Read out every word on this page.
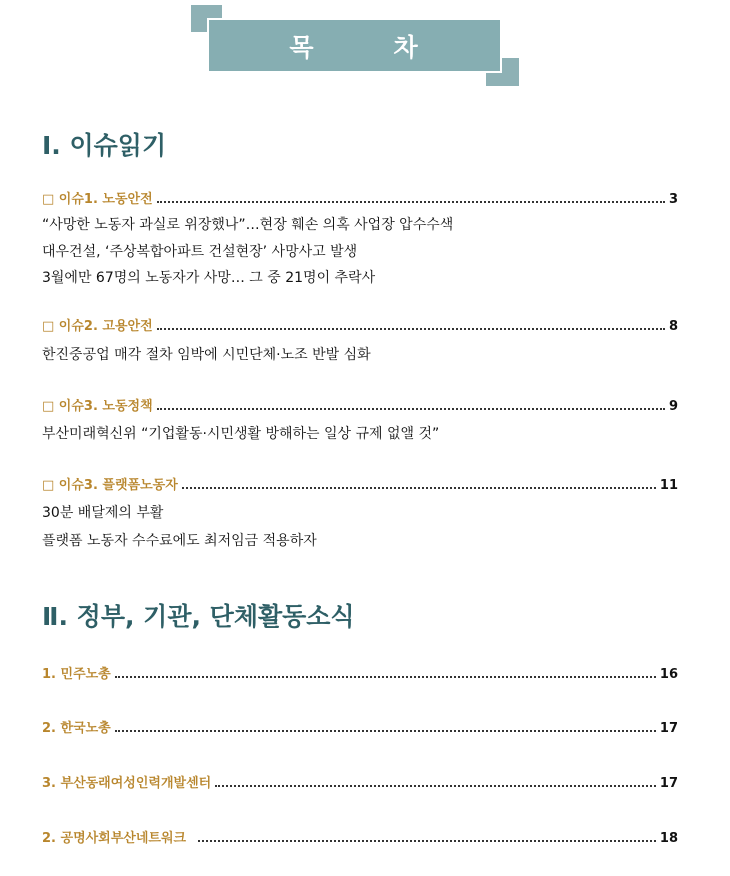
목	차
Ⅰ. 이슈읽기
□ 이슈1. 노동안전	3
“사망한 노동자 과실로 위장했나”…현장 훼손 의혹 사업장 압수수색
대우건설, ‘주상복합아파트 건설현장’ 사망사고 발생
3월에만 67명의 노동자가 사망… 그 중 21명이 추락사
□ 이슈2. 고용안전	8
한진중공업 매각 절차 임박에 시민단체·노조 반발 심화
□ 이슈3. 노동정책	9
부산미래혁신위 “기업활동·시민생활 방해하는 일상 규제 없앨 것”
□ 이슈3. 플랫폼노동자	11
30분 배달제의 부활
플랫폼 노동자 수수료에도 최저임금 적용하자
Ⅱ. 정부, 기관, 단체활동소식
1. 민주노총	16
2. 한국노총	17
3. 부산동래여성인력개발센터	17
2. 공명사회부산네트워크	18
